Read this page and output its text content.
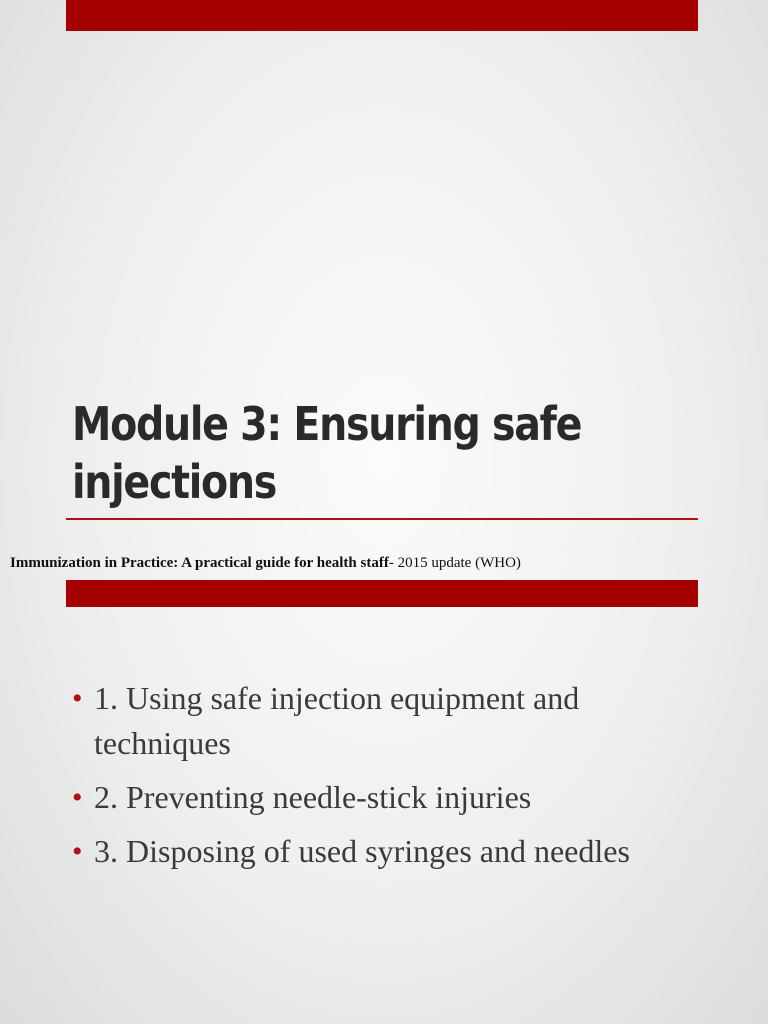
Module 3: Ensuring safe injections
Immunization in Practice: A practical guide for health staff- 2015 update (WHO)
• 1. Using safe injection equipment and techniques
• 2. Preventing needle-stick injuries
• 3. Disposing of used syringes and needles
